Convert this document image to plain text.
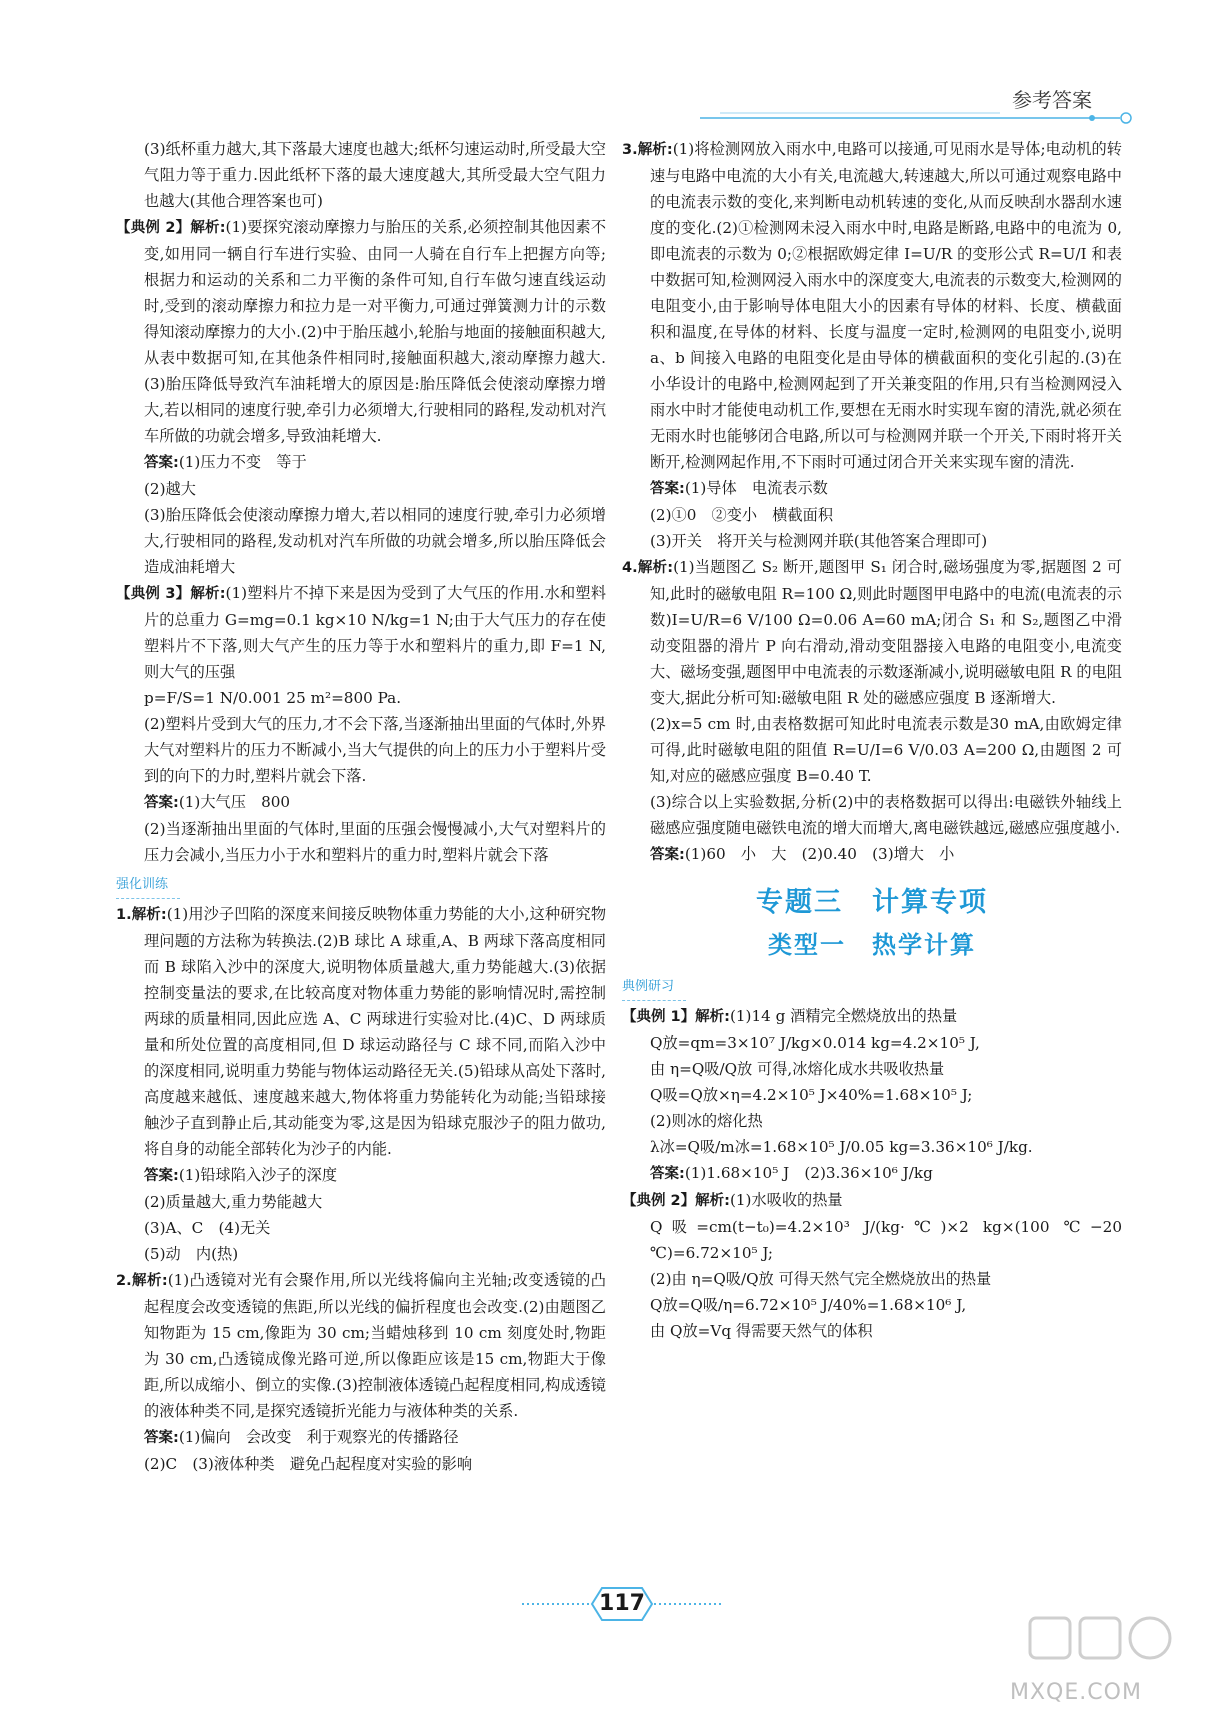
参考答案

(3)纸杯重力越大,其下落最大速度也越大;纸杯匀速运动时,所受最大空气阻力等于重力.因此纸杯下落的最大速度越大,其所受最大空气阻力也越大(其他合理答案也可)

【典例 2】解析:(1)要探究滚动摩擦力与胎压的关系,必须控制其他因素不变,如用同一辆自行车进行实验、由同一人骑在自行车上把握方向等;根据力和运动的关系和二力平衡的条件可知,自行车做匀速直线运动时,受到的滚动摩擦力和拉力是一对平衡力,可通过弹簧测力计的示数得知滚动摩擦力的大小.(2)中于胎压越小,轮胎与地面的接触面积越大,从表中数据可知,在其他条件相同时,接触面积越大,滚动摩擦力越大.(3)胎压降低导致汽车油耗增大的原因是:胎压降低会使滚动摩擦力增大,若以相同的速度行驶,牵引力必须增大,行驶相同的路程,发动机对汽车所做的功就会增多,导致油耗增大.

答案:(1)压力不变　等于

(2)越大

(3)胎压降低会使滚动摩擦力增大,若以相同的速度行驶,牵引力必须增大,行驶相同的路程,发动机对汽车所做的功就会增多,所以胎压降低会造成油耗增大

【典例 3】解析:(1)塑料片不掉下来是因为受到了大气压的作用.水和塑料片的总重力 G=mg=0.1 kg×10 N/kg=1 N;由于大气压力的存在使塑料片不下落,则大气产生的压力等于水和塑料片的重力,即 F=1 N,则大气的压强

p=F/S=1 N/0.001 25 m²=800 Pa.

(2)塑料片受到大气的压力,才不会下落,当逐渐抽出里面的气体时,外界大气对塑料片的压力不断减小,当大气提供的向上的压力小于塑料片受到的向下的力时,塑料片就会下落.

答案:(1)大气压　800

(2)当逐渐抽出里面的气体时,里面的压强会慢慢减小,大气对塑料片的压力会减小,当压力小于水和塑料片的重力时,塑料片就会下落

强化训练

1.解析:(1)用沙子凹陷的深度来间接反映物体重力势能的大小,这种研究物理问题的方法称为转换法.(2)B 球比 A 球重,A、B 两球下落高度相同而 B 球陷入沙中的深度大,说明物体质量越大,重力势能越大.(3)依据控制变量法的要求,在比较高度对物体重力势能的影响情况时,需控制两球的质量相同,因此应选 A、C 两球进行实验对比.(4)C、D 两球质量和所处位置的高度相同,但 D 球运动路径与 C 球不同,而陷入沙中的深度相同,说明重力势能与物体运动路径无关.(5)铅球从高处下落时,高度越来越低、速度越来越大,物体将重力势能转化为动能;当铅球接触沙子直到静止后,其动能变为零,这是因为铅球克服沙子的阻力做功,将自身的动能全部转化为沙子的内能.

答案:(1)铅球陷入沙子的深度

(2)质量越大,重力势能越大

(3)A、C　(4)无关

(5)动　内(热)

2.解析:(1)凸透镜对光有会聚作用,所以光线将偏向主光轴;改变透镜的凸起程度会改变透镜的焦距,所以光线的偏折程度也会改变.(2)由题图乙知物距为 15 cm,像距为 30 cm;当蜡烛移到 10 cm 刻度处时,物距为 30 cm,凸透镜成像光路可逆,所以像距应该是15 cm,物距大于像距,所以成缩小、倒立的实像.(3)控制液体透镜凸起程度相同,构成透镜的液体种类不同,是探究透镜折光能力与液体种类的关系.

答案:(1)偏向　会改变　利于观察光的传播路径

(2)C　(3)液体种类　避免凸起程度对实验的影响

3.解析:(1)将检测网放入雨水中,电路可以接通,可见雨水是导体;电动机的转速与电路中电流的大小有关,电流越大,转速越大,所以可通过观察电路中的电流表示数的变化,来判断电动机转速的变化,从而反映刮水器刮水速度的变化.(2)①检测网未浸入雨水中时,电路是断路,电路中的电流为 0,即电流表的示数为 0;②根据欧姆定律 I=U/R 的变形公式 R=U/I 和表中数据可知,检测网浸入雨水中的深度变大,电流表的示数变大,检测网的电阻变小,由于影响导体电阻大小的因素有导体的材料、长度、横截面积和温度,在导体的材料、长度与温度一定时,检测网的电阻变小,说明 a、b 间接入电路的电阻变化是由导体的横截面积的变化引起的.(3)在小华设计的电路中,检测网起到了开关兼变阻的作用,只有当检测网浸入雨水中时才能使电动机工作,要想在无雨水时实现车窗的清洗,就必须在无雨水时也能够闭合电路,所以可与检测网并联一个开关,下雨时将开关断开,检测网起作用,不下雨时可通过闭合开关来实现车窗的清洗.

答案:(1)导体　电流表示数

(2)①0　②变小　横截面积

(3)开关　将开关与检测网并联(其他答案合理即可)

4.解析:(1)当题图乙 S₂ 断开,题图甲 S₁ 闭合时,磁场强度为零,据题图 2 可知,此时的磁敏电阻 R=100 Ω,则此时题图甲电路中的电流(电流表的示数)I=U/R=6 V/100 Ω=0.06 A=60 mA;闭合 S₁ 和 S₂,题图乙中滑动变阻器的滑片 P 向右滑动,滑动变阻器接入电路的电阻变小,电流变大、磁场变强,题图甲中电流表的示数逐渐减小,说明磁敏电阻 R 的电阻变大,据此分析可知:磁敏电阻 R 处的磁感应强度 B 逐渐增大.

(2)x=5 cm 时,由表格数据可知此时电流表示数是30 mA,由欧姆定律可得,此时磁敏电阻的阻值 R=U/I=6 V/0.03 A=200 Ω,由题图 2 可知,对应的磁感应强度 B=0.40 T.

(3)综合以上实验数据,分析(2)中的表格数据可以得出:电磁铁外轴线上磁感应强度随电磁铁电流的增大而增大,离电磁铁越远,磁感应强度越小.

答案:(1)60　小　大　(2)0.40　(3)增大　小

专题三　计算专项
类型一　热学计算
典例研习

【典例 1】解析:(1)14 g 酒精完全燃烧放出的热量

Q放=qm=3×10⁷ J/kg×0.014 kg=4.2×10⁵ J,

由 η=Q吸/Q放 可得,冰熔化成水共吸收热量

Q吸=Q放×η=4.2×10⁵ J×40%=1.68×10⁵ J;

(2)则冰的熔化热

λ冰=Q吸/m冰=1.68×10⁵ J/0.05 kg=3.36×10⁶ J/kg.

答案:(1)1.68×10⁵ J　(2)3.36×10⁶ J/kg

【典例 2】解析:(1)水吸收的热量

Q吸=cm(t−t₀)=4.2×10³ J/(kg·℃)×2 kg×(100 ℃−20 ℃)=6.72×10⁵ J;

(2)由 η=Q吸/Q放 可得天然气完全燃烧放出的热量

Q放=Q吸/η=6.72×10⁵ J/40%=1.68×10⁶ J,

由 Q放=Vq 得需要天然气的体积

117
MXQE.COM
